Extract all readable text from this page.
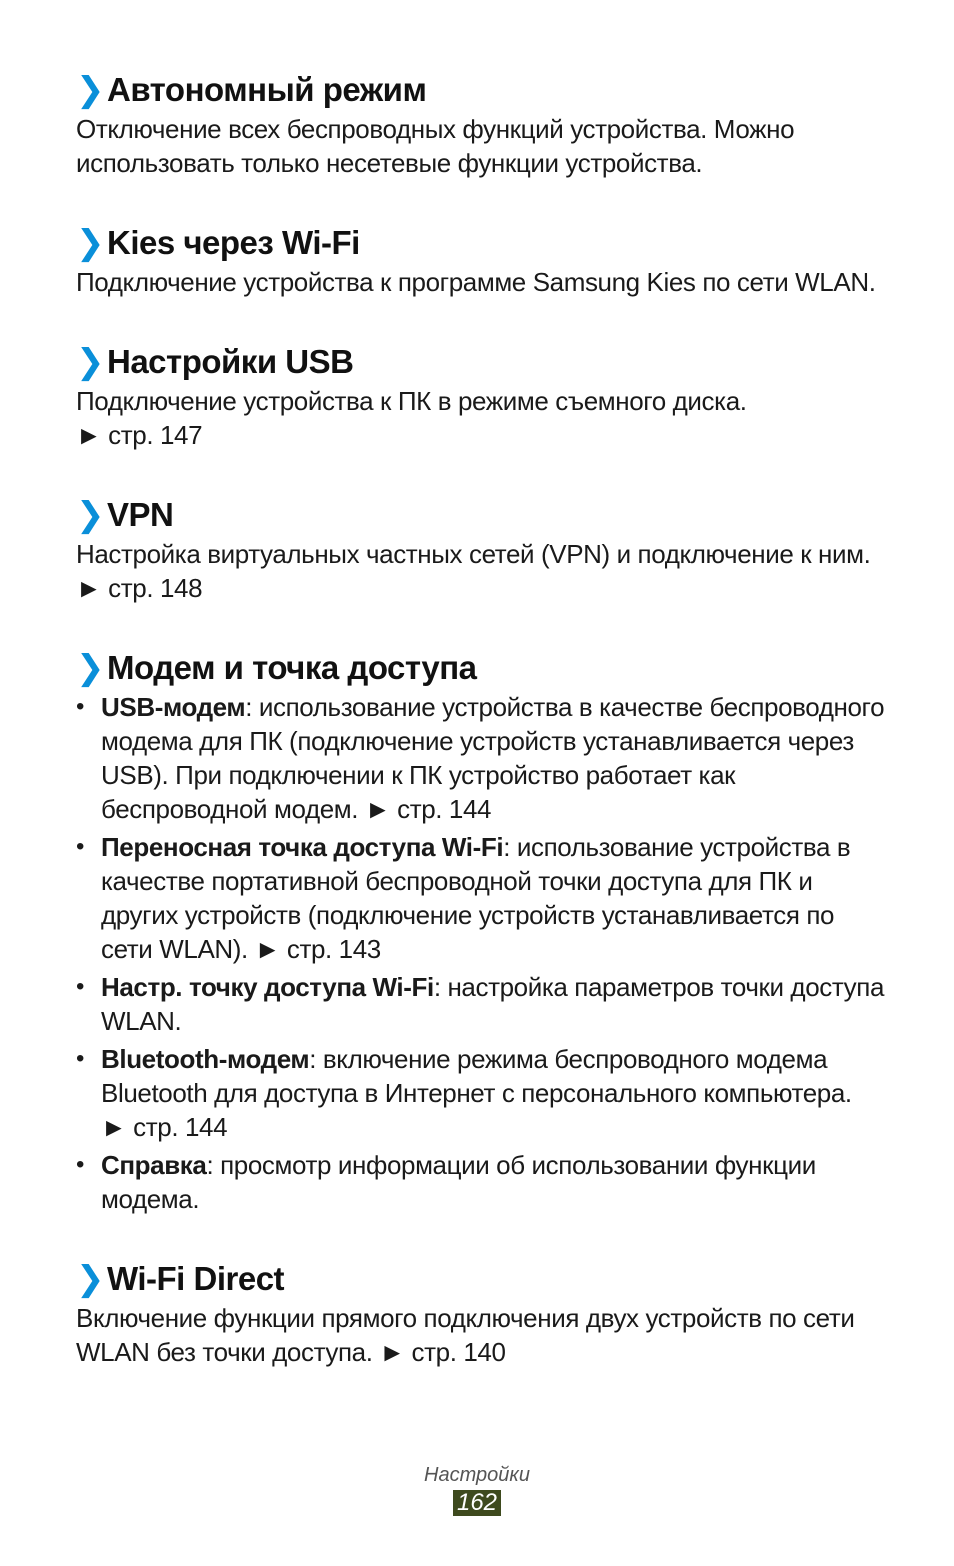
❯ Автономный режим

Отключение всех беспроводных функций устройства. Можно использовать только несетевые функции устройства.

❯ Kies через Wi-Fi

Подключение устройства к программе Samsung Kies по сети WLAN.

❯ Настройки USB

Подключение устройства к ПК в режиме съемного диска.
► стр. 147

❯ VPN

Настройка виртуальных частных сетей (VPN) и подключение к ним. ► стр. 148

❯ Модем и точка доступа
• USB-модем: использование устройства в качестве беспроводного модема для ПК (подключение устройств устанавливается через USB). При подключении к ПК устройство работает как беспроводной модем. ► стр. 144
• Переносная точка доступа Wi-Fi: использование устройства в качестве портативной беспроводной точки доступа для ПК и других устройств (подключение устройств устанавливается по сети WLAN). ► стр. 143
• Настр. точку доступа Wi-Fi: настройка параметров точки доступа WLAN.
• Bluetooth-модем: включение режима беспроводного модема Bluetooth для доступа в Интернет с персонального компьютера. ► стр. 144
• Справка: просмотр информации об использовании функции модема.
❯ Wi-Fi Direct

Включение функции прямого подключения двух устройств по сети WLAN без точки доступа. ► стр. 140

Настройки
162
